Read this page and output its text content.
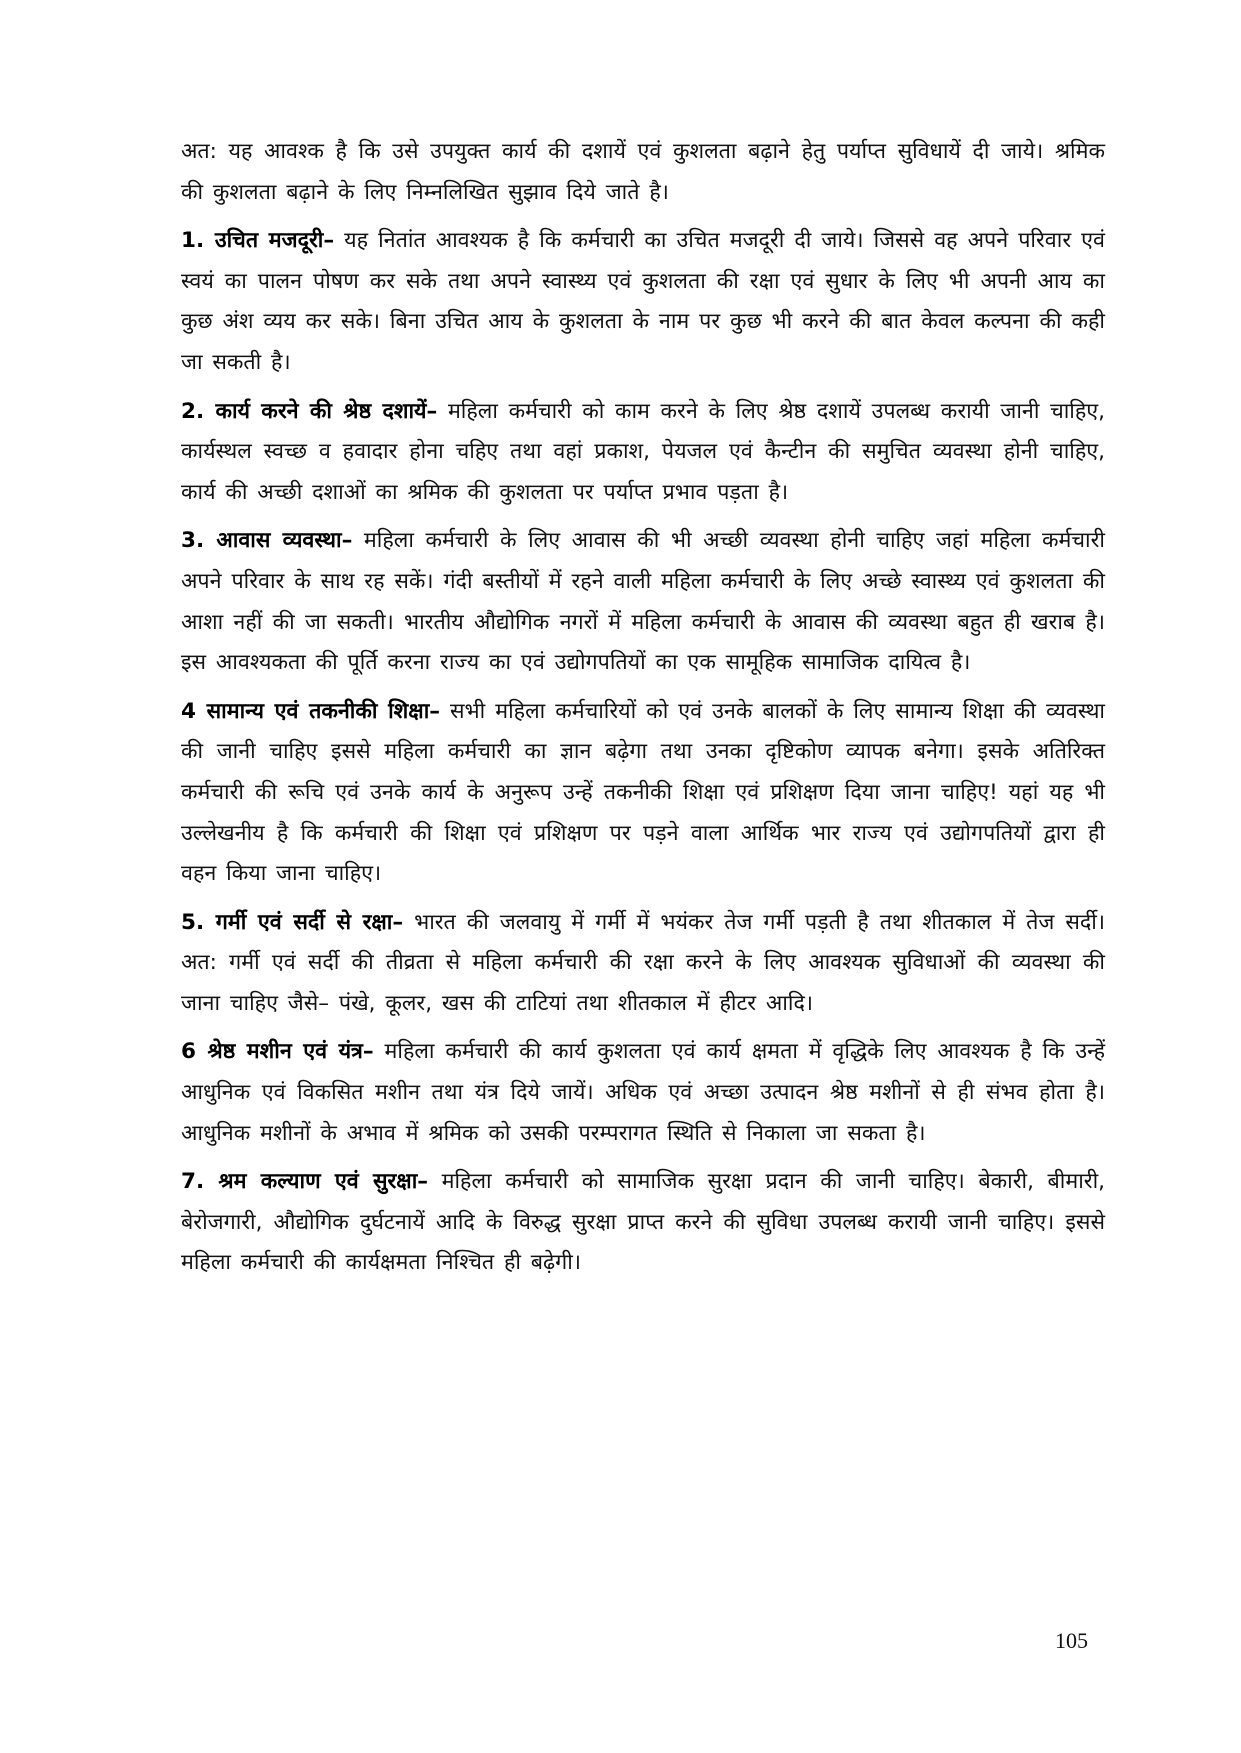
अत: यह आवश्क है कि उसे उपयुक्त कार्य की दशायें एवं कुशलता बढ़ाने हेतु पर्याप्त सुविधायें दी जाये। श्रमिक की कुशलता बढ़ाने के लिए निम्नलिखित सुझाव दिये जाते है।

1. उचित मजदूरी– यह नितांत आवश्यक है कि कर्मचारी का उचित मजदूरी दी जाये। जिससे वह अपने परिवार एवं स्वयं का पालन पोषण कर सके तथा अपने स्वास्थ्य एवं कुशलता की रक्षा एवं सुधार के लिए भी अपनी आय का कुछ अंश व्यय कर सके। बिना उचित आय के कुशलता के नाम पर कुछ भी करने की बात केवल कल्पना की कही जा सकती है।

2. कार्य करने की श्रेष्ठ दशायें– महिला कर्मचारी को काम करने के लिए श्रेष्ठ दशायें उपलब्ध करायी जानी चाहिए, कार्यस्थल स्वच्छ व हवादार होना चहिए तथा वहां प्रकाश, पेयजल एवं कैन्टीन की समुचित व्यवस्था होनी चाहिए, कार्य की अच्छी दशाओं का श्रमिक की कुशलता पर पर्याप्त प्रभाव पड़ता है।

3. आवास व्यवस्था– महिला कर्मचारी के लिए आवास की भी अच्छी व्यवस्था होनी चाहिए जहां महिला कर्मचारी अपने परिवार के साथ रह सकें। गंदी बस्तीयों में रहने वाली महिला कर्मचारी के लिए अच्छे स्वास्थ्य एवं कुशलता की आशा नहीं की जा सकती। भारतीय औद्योगिक नगरों में महिला कर्मचारी के आवास की व्यवस्था बहुत ही खराब है। इस आवश्यकता की पूर्ति करना राज्य का एवं उद्योगपतियों का एक सामूहिक सामाजिक दायित्व है।

4 सामान्य एवं तकनीकी शिक्षा– सभी महिला कर्मचारियों को एवं उनके बालकों के लिए सामान्य शिक्षा की व्यवस्था की जानी चाहिए इससे महिला कर्मचारी का ज्ञान बढ़ेगा तथा उनका दृष्टिकोण व्यापक बनेगा। इसके अतिरिक्त कर्मचारी की रूचि एवं उनके कार्य के अनुरूप उन्हें तकनीकी शिक्षा एवं प्रशिक्षण दिया जाना चाहिए! यहां यह भी उल्लेखनीय है कि कर्मचारी की शिक्षा एवं प्रशिक्षण पर पड़ने वाला आर्थिक भार राज्य एवं उद्योगपतियों द्वारा ही वहन किया जाना चाहिए।

5. गर्मी एवं सर्दी से रक्षा– भारत की जलवायु में गर्मी में भयंकर तेज गर्मी पड़ती है तथा शीतकाल में तेज सर्दी। अत: गर्मी एवं सर्दी की तीव्रता से महिला कर्मचारी की रक्षा करने के लिए आवश्यक सुविधाओं की व्यवस्था की जाना चाहिए जैसे– पंखे, कूलर, खस की टाटियां तथा शीतकाल में हीटर आदि।

6 श्रेष्ठ मशीन एवं यंत्र– महिला कर्मचारी की कार्य कुशलता एवं कार्य क्षमता में वृद्धिके लिए आवश्यक है कि उन्हें आधुनिक एवं विकसित मशीन तथा यंत्र दिये जायें। अधिक एवं अच्छा उत्पादन श्रेष्ठ मशीनों से ही संभव होता है। आधुनिक मशीनों के अभाव में श्रमिक को उसकी परम्परागत स्थिति से निकाला जा सकता है।

7. श्रम कल्याण एवं सुरक्षा– महिला कर्मचारी को सामाजिक सुरक्षा प्रदान की जानी चाहिए। बेकारी, बीमारी, बेरोजगारी, औद्योगिक दुर्घटनायें आदि के विरुद्ध सुरक्षा प्राप्त करने की सुविधा उपलब्ध करायी जानी चाहिए। इससे महिला कर्मचारी की कार्यक्षमता निश्चित ही बढ़ेगी।

105
